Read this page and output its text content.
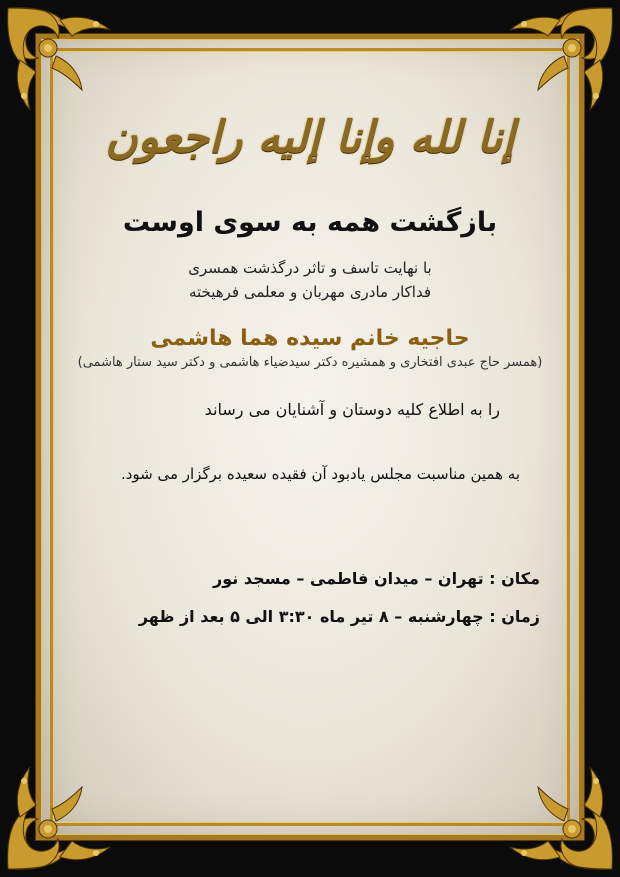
إنا لله وإنا إليه راجعون
بازگشت همه به سوی اوست
با نهایت تاسف و تاثر درگذشت همسری
فداکار مادری مهربان و معلمی فرهیخته
حاجیه خانم سیده هما هاشمی
(همسر حاج عبدی افتخاری و همشیره دکتر سیدضیاء هاشمی و دکتر سید ستار هاشمی)
را به اطلاع کلیه دوستان و آشنایان می رساند
به همین مناسبت مجلس یادبود آن فقیده سعیده برگزار می شود.
مکان : تهران – میدان فاطمی – مسجد نور
زمان : چهارشنبه – ۸ تیر ماه ۳:۳۰ الی ۵ بعد از ظهر
